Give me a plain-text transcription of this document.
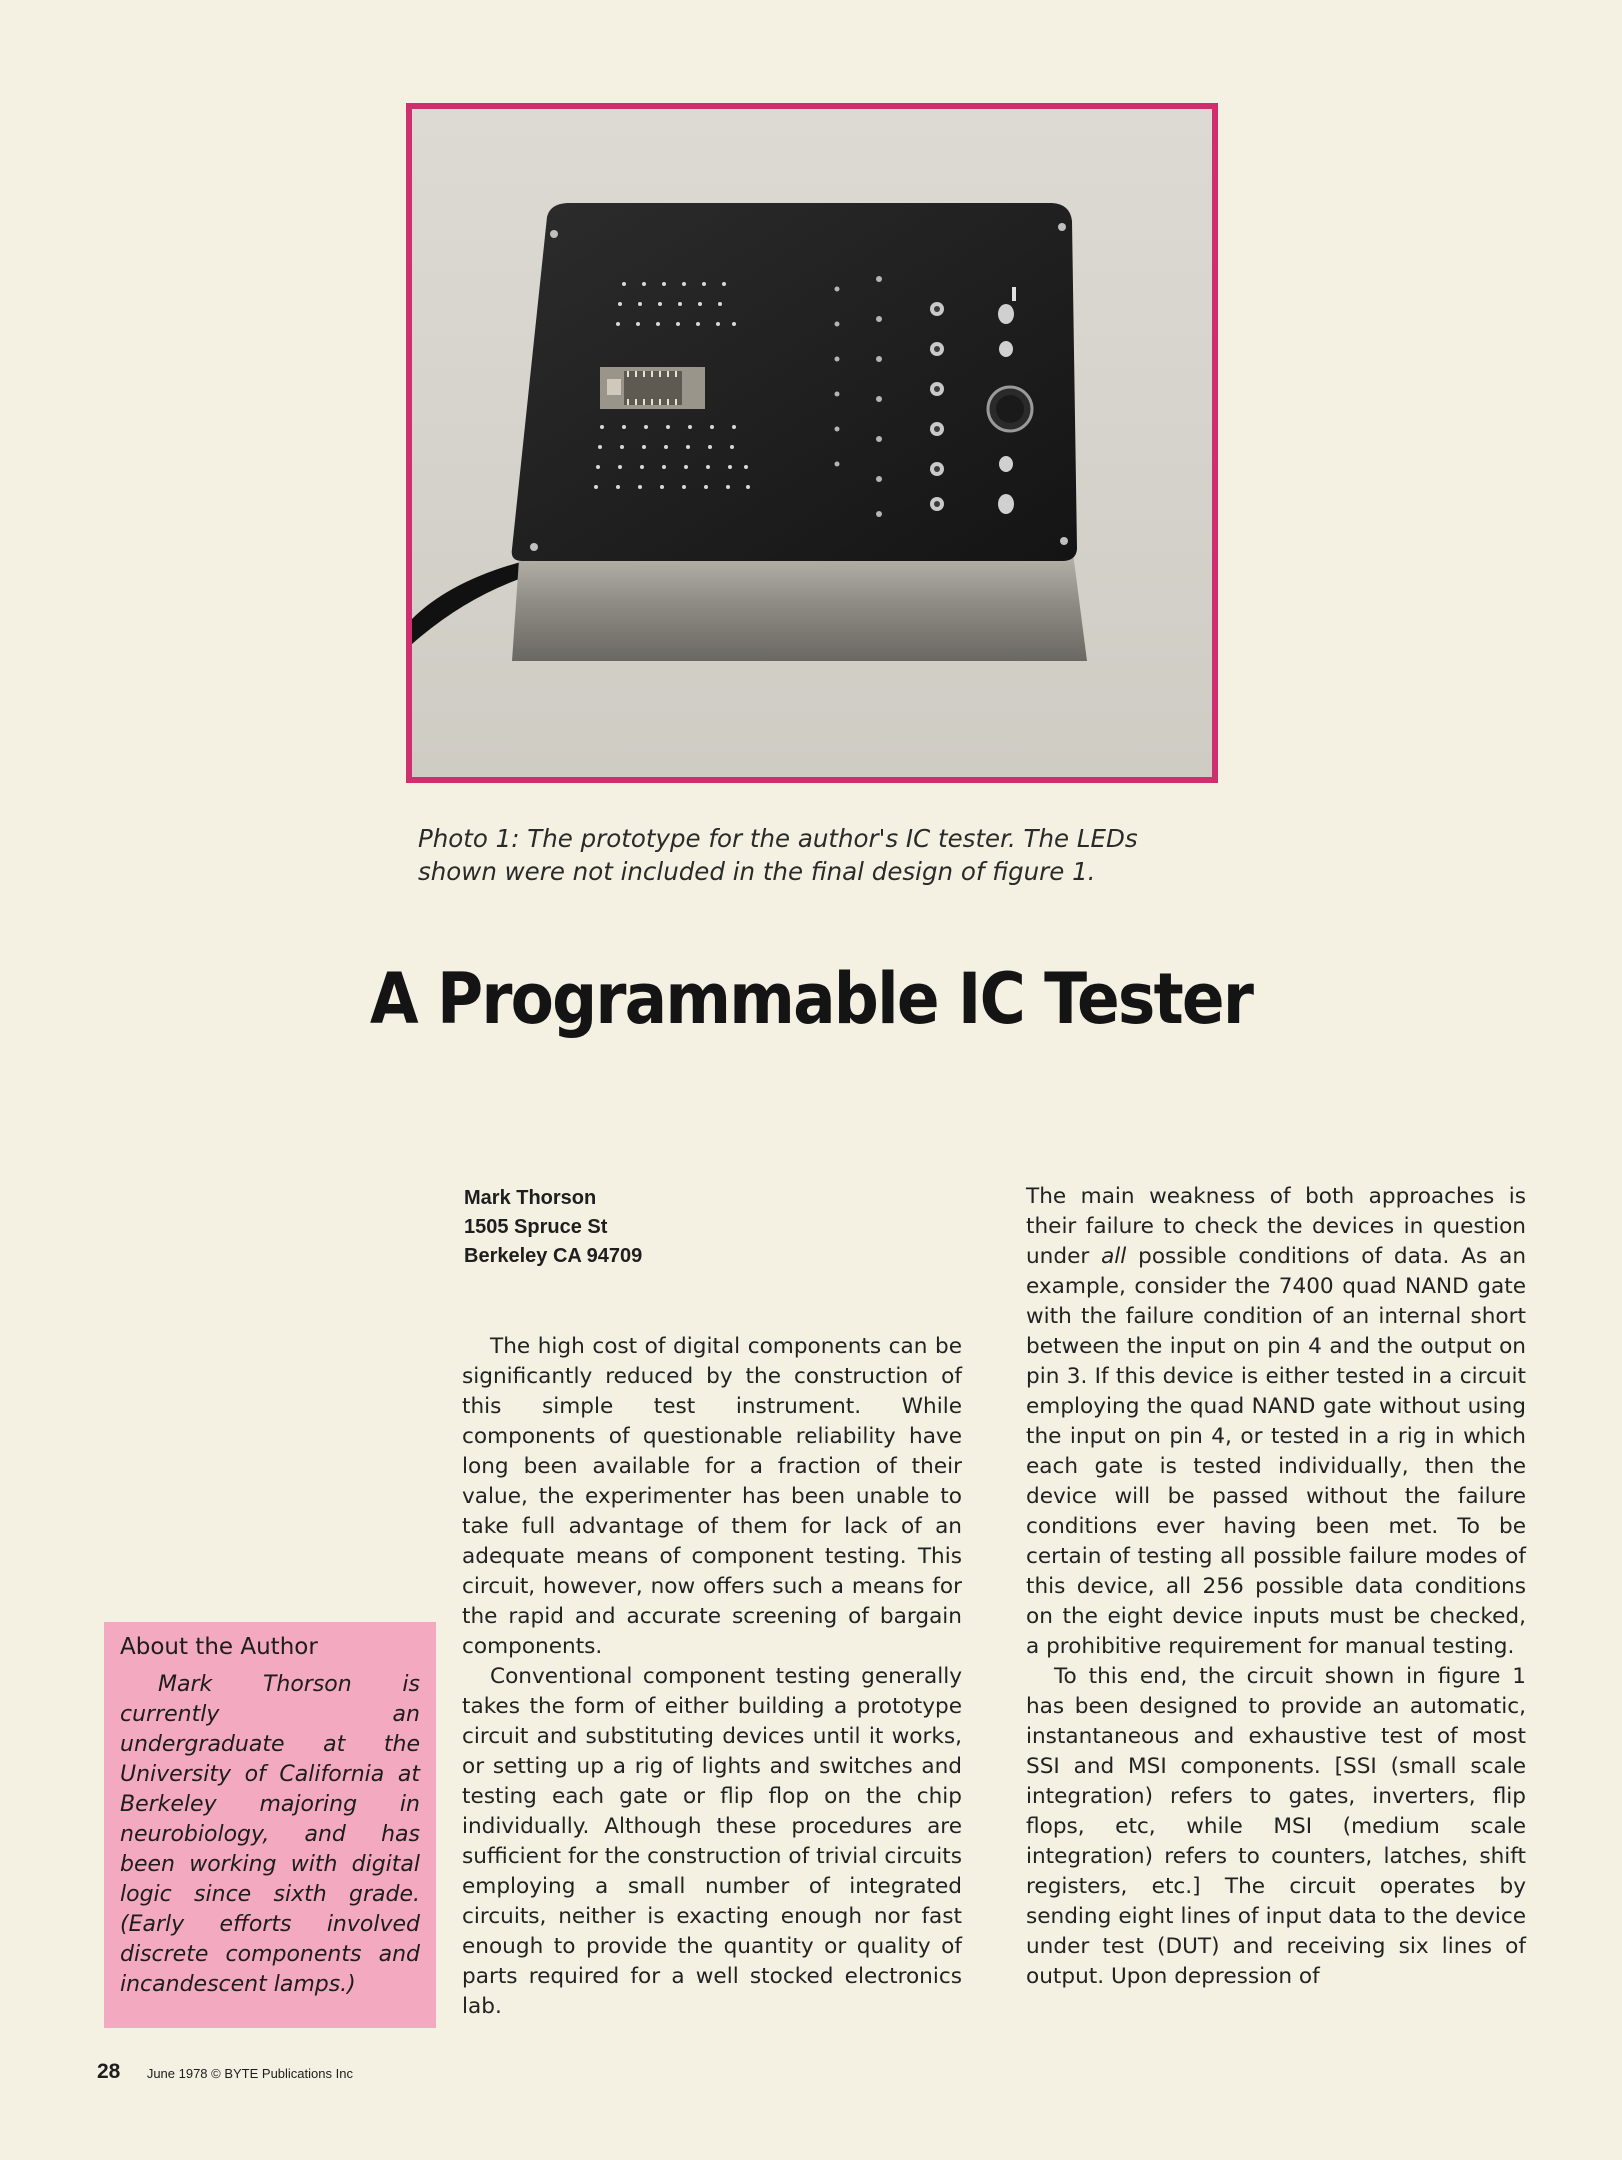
Photo 1: The prototype for the author's IC tester. The LEDs shown were not included in the final design of figure 1.
A Programmable IC Tester
Mark Thorson
1505 Spruce St
Berkeley CA 94709

The high cost of digital components can be significantly reduced by the construction of this simple test instrument. While components of questionable reliability have long been available for a fraction of their value, the experimenter has been unable to take full advantage of them for lack of an adequate means of component testing. This circuit, however, now offers such a means for the rapid and accurate screening of bargain components.

Conventional component testing generally takes the form of either building a prototype circuit and substituting devices until it works, or setting up a rig of lights and switches and testing each gate or flip flop on the chip individually. Although these procedures are sufficient for the construction of trivial circuits employing a small number of integrated circuits, neither is exacting enough nor fast enough to provide the quantity or quality of parts required for a well stocked electronics lab.

The main weakness of both approaches is their failure to check the devices in question under all possible conditions of data. As an example, consider the 7400 quad NAND gate with the failure condition of an internal short between the input on pin 4 and the output on pin 3. If this device is either tested in a circuit employing the quad NAND gate without using the input on pin 4, or tested in a rig in which each gate is tested individually, then the device will be passed without the failure conditions ever having been met. To be certain of testing all possible failure modes of this device, all 256 possible data conditions on the eight device inputs must be checked, a prohibitive requirement for manual testing.

To this end, the circuit shown in figure 1 has been designed to provide an automatic, instantaneous and exhaustive test of most SSI and MSI components. [SSI (small scale integration) refers to gates, inverters, flip flops, etc, while MSI (medium scale integration) refers to counters, latches, shift registers, etc.] The circuit operates by sending eight lines of input data to the device under test (DUT) and receiving six lines of output. Upon depression of

About the Author

Mark Thorson is currently an undergraduate at the University of California at Berkeley majoring in neurobiology, and has been working with digital logic since sixth grade. (Early efforts involved discrete components and incandescent lamps.)

28 June 1978 © BYTE Publications Inc
